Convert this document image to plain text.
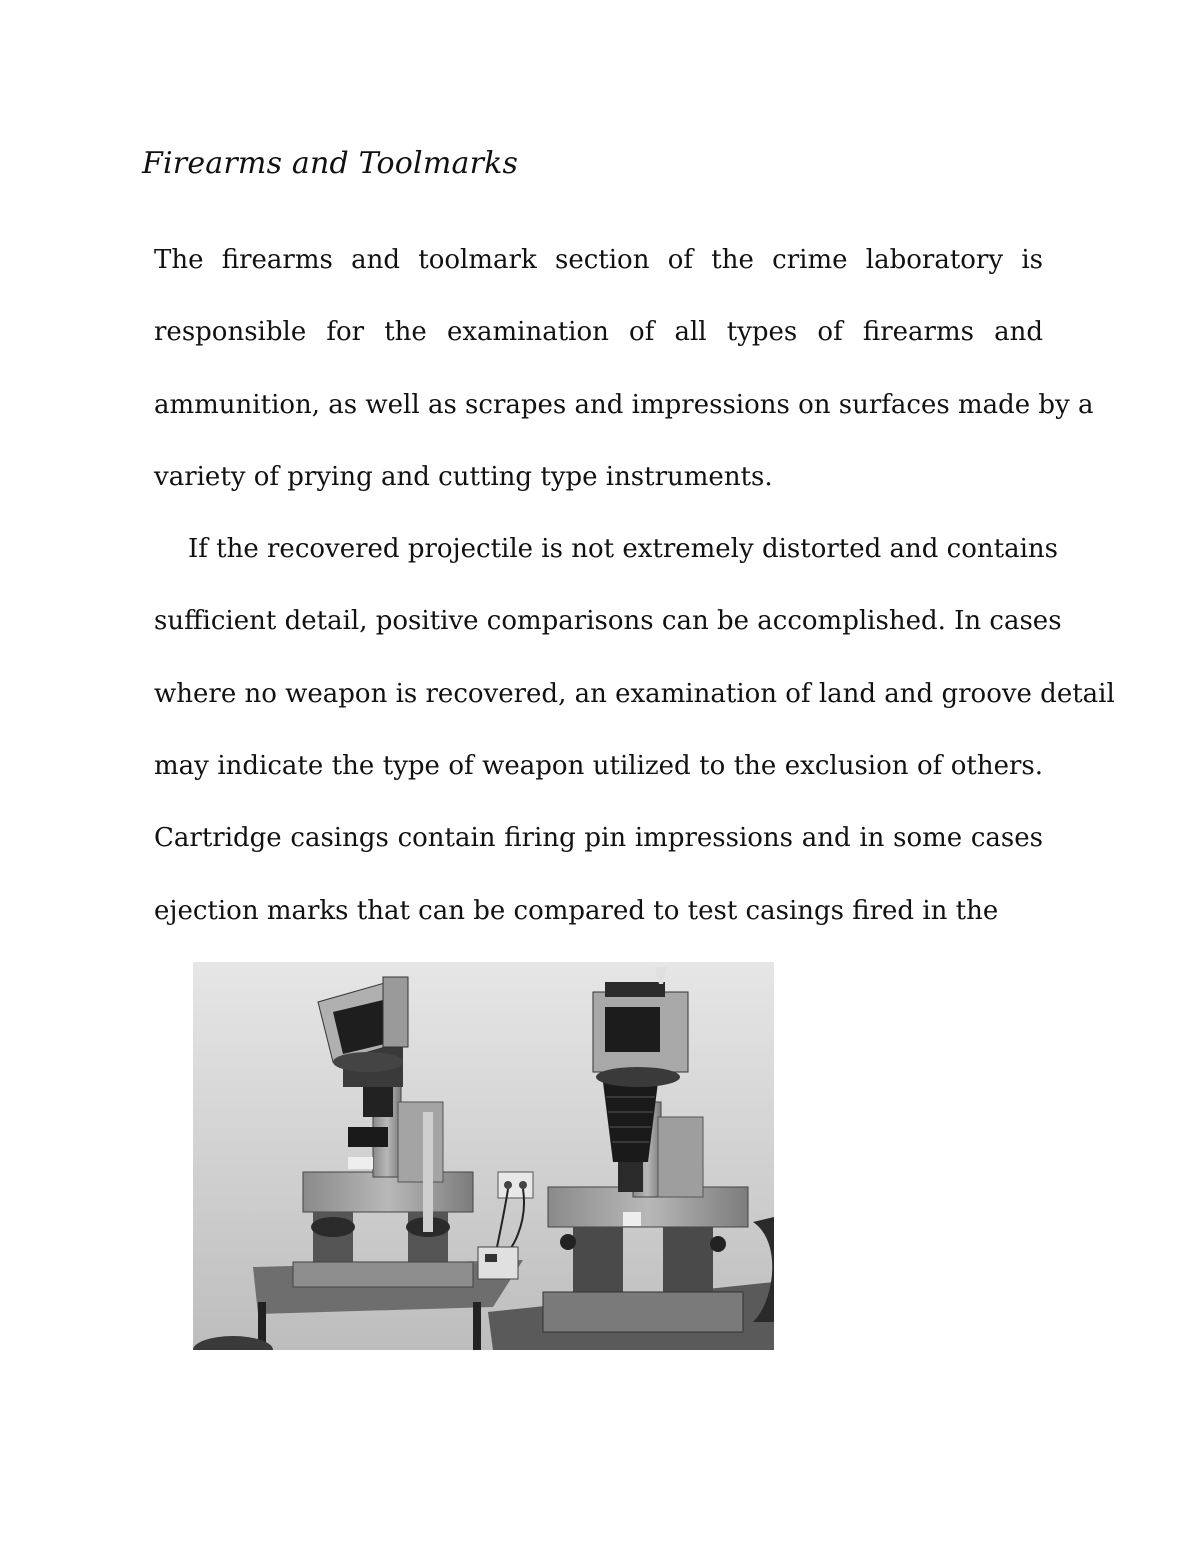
Firearms and Toolmarks
The firearms and toolmark section of the crime laboratory is
responsible for the examination of all types of firearms and
ammunition, as well as scrapes and impressions on surfaces made by a
variety of prying and cutting type instruments.
If the recovered projectile is not extremely distorted and contains
sufficient detail, positive comparisons can be accomplished. In cases
where no weapon is recovered, an examination of land and groove detail
may indicate the type of weapon utilized to the exclusion of others.
Cartridge casings contain firing pin impressions and in some cases
ejection marks that can be compared to test casings fired in the
